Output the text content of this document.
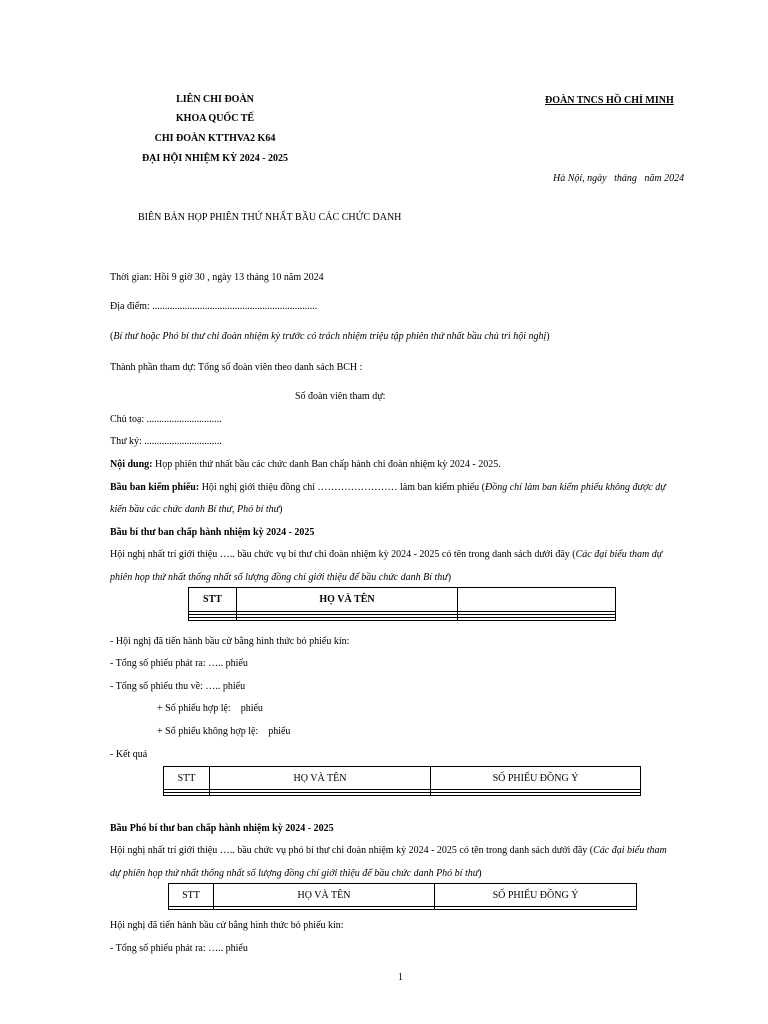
LIÊN CHI ĐOÀN
KHOA QUỐC TẾ
CHI ĐOÀN KTTHVA2 K64
ĐẠI HỘI NHIỆM KỲ 2024 - 2025
ĐOÀN TNCS HỒ CHÍ MINH
Hà Nội, ngày   tháng   năm 2024
BIÊN BẢN HỌP PHIÊN THỨ NHẤT BẦU CÁC CHỨC DANH
Thời gian: Hồi 9 giờ 30 , ngày 13 tháng 10 năm 2024
Địa điểm: ..................................................................
(Bí thư hoặc Phó bí thư chi đoàn nhiệm kỳ trước có trách nhiệm triệu tập phiên thứ nhất bầu chủ trì hội nghị)
Thành phần tham dự: Tổng số đoàn viên theo danh sách BCH :
Số đoàn viên tham dự:
Chủ toạ: ..............................
Thư ký: ...............................
Nội dung: Họp phiên thứ nhất bầu các chức danh Ban chấp hành chi đoàn nhiệm kỳ 2024 - 2025.
Bầu ban kiểm phiếu: Hội nghị giới thiệu đồng chí …………………… làm ban kiểm phiếu (Đồng chí làm ban kiểm phiếu không được dự
kiến bầu các chức danh Bí thư, Phó bí thư)
Bầu bí thư ban chấp hành nhiệm kỳ 2024 - 2025
Hội nghị nhất trí giới thiệu ….. bầu chức vụ bí thư chi đoàn nhiệm kỳ 2024 - 2025 có tên trong danh sách dưới đây (Các đại biểu tham dự
phiên họp thứ nhất thống nhất số lượng đồng chí giới thiệu để bầu chức danh Bí thư)
STT	HỌ VÀ TÊN	

- Hội nghị đã tiến hành bầu cử bằng hình thức bỏ phiếu kín:
- Tổng số phiếu phát ra: ….. phiếu
- Tổng số phiếu thu về: ….. phiếu
+ Số phiếu hợp lệ:    phiếu
+ Số phiếu không hợp lệ:    phiếu
- Kết quả
STT	HỌ VÀ TÊN	SỐ PHIẾU ĐỒNG Ý

Bầu Phó bí thư ban chấp hành nhiệm kỳ 2024 - 2025
Hội nghị nhất trí giới thiệu ….. bầu chức vụ phó bí thư chi đoàn nhiệm kỳ 2024 - 2025 có tên trong danh sách dưới đây (Các đại biểu tham
dự phiên họp thứ nhất thống nhất số lượng đồng chí giới thiệu để bầu chức danh Phó bí thư)
STT	HỌ VÀ TÊN	SỐ PHIẾU ĐỒNG Ý

Hội nghị đã tiến hành bầu cử bằng hình thức bỏ phiếu kín:
- Tổng số phiếu phát ra: ….. phiếu
1
